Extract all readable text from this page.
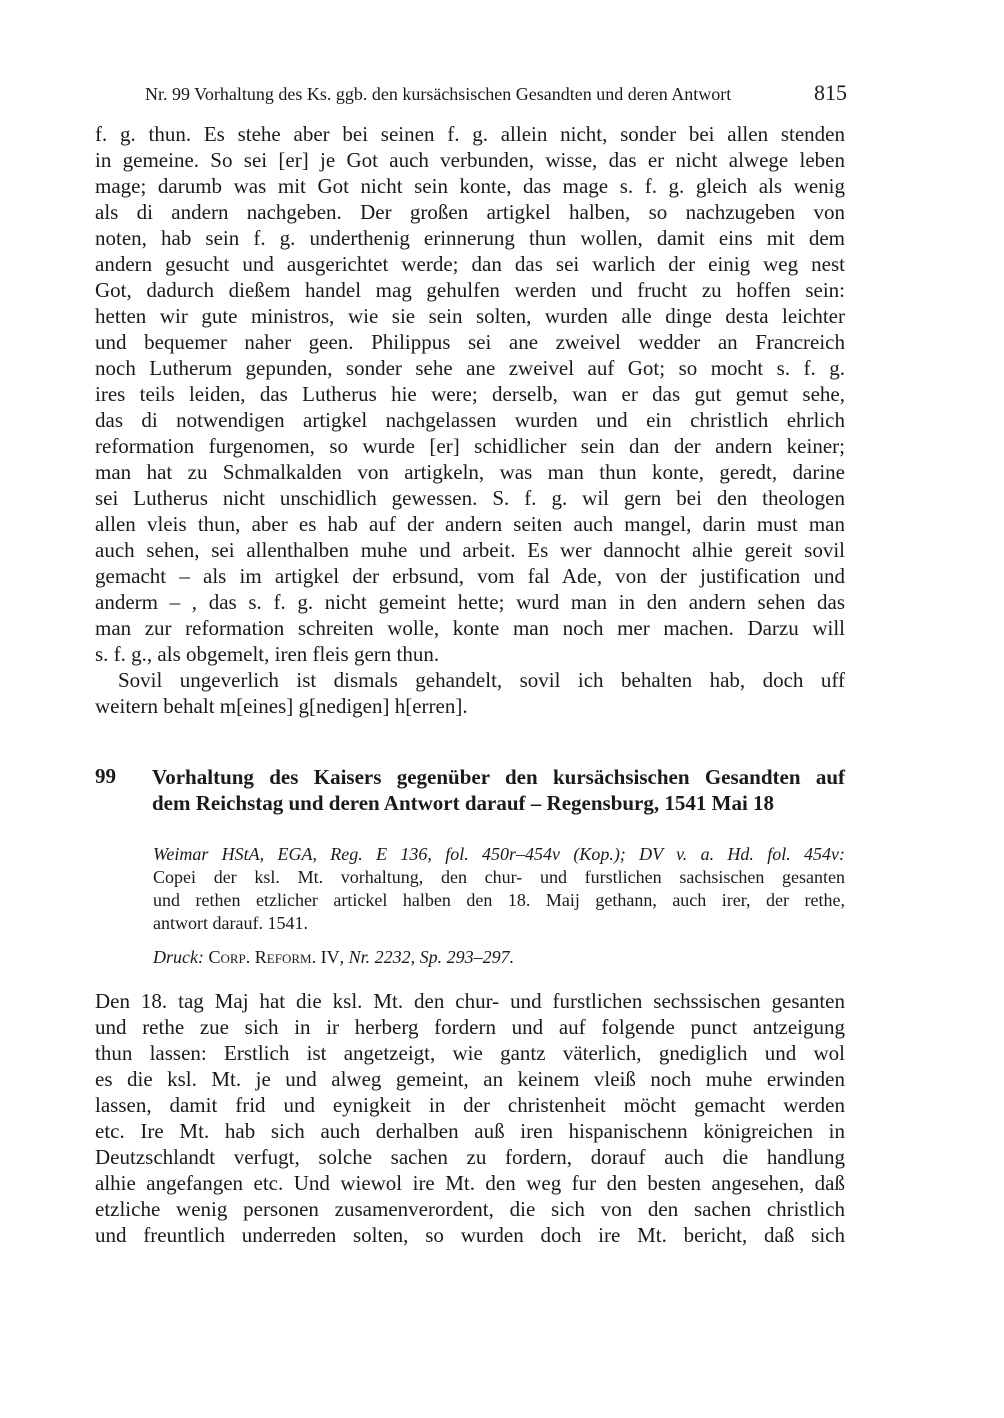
Nr. 99 Vorhaltung des Ks. ggb. den kursächsischen Gesandten und deren Antwort	815
f. g. thun. Es stehe aber bei seinen f. g. allein nicht, sonder bei allen stenden
in gemeine. So sei [er] je Got auch verbunden, wisse, das er nicht alwege leben
mage; darumb was mit Got nicht sein konte, das mage s. f. g. gleich als wenig
als di andern nachgeben. Der großen artigkel halben, so nachzugeben von
noten, hab sein f. g. underthenig erinnerung thun wollen, damit eins mit dem
andern gesucht und ausgerichtet werde; dan das sei warlich der einig weg nest
Got, dadurch dießem handel mag gehulfen werden und frucht zu hoffen sein:
hetten wir gute ministros, wie sie sein solten, wurden alle dinge desta leichter
und bequemer naher geen. Philippus sei ane zweivel wedder an Francreich
noch Lutherum gepunden, sonder sehe ane zweivel auf Got; so mocht s. f. g.
ires teils leiden, das Lutherus hie were; derselb, wan er das gut gemut sehe,
das di notwendigen artigkel nachgelassen wurden und ein christlich ehrlich
reformation furgenomen, so wurde [er] schidlicher sein dan der andern keiner;
man hat zu Schmalkalden von artigkeln, was man thun konte, geredt, darine
sei Lutherus nicht unschidlich gewessen. S. f. g. wil gern bei den theologen
allen vleis thun, aber es hab auf der andern seiten auch mangel, darin must man
auch sehen, sei allenthalben muhe und arbeit. Es wer dannocht alhie gereit sovil
gemacht – als im artigkel der erbsund, vom fal Ade, von der justification und
anderm – , das s. f. g. nicht gemeint hette; wurd man in den andern sehen das
man zur reformation schreiten wolle, konte man noch mer machen. Darzu will
s. f. g., als obgemelt, iren fleis gern thun.
Sovil ungeverlich ist dismals gehandelt, sovil ich behalten hab, doch uff
weitern behalt m[eines] g[nedigen] h[erren].
99	Vorhaltung des Kaisers gegenüber den kursächsischen Gesandten auf
dem Reichstag und deren Antwort darauf – Regensburg, 1541 Mai 18
Weimar HStA, EGA, Reg. E 136, fol. 450r–454v (Kop.); DV v. a. Hd. fol. 454v:
Copei der ksl. Mt. vorhaltung, den chur- und furstlichen sachsischen gesanten
und rethen etzlicher artickel halben den 18. Maij gethann, auch irer, der rethe,
antwort darauf. 1541.
Druck: Corp. Reform. IV, Nr. 2232, Sp. 293–297.
Den 18. tag Maj hat die ksl. Mt. den chur- und furstlichen sechssischen gesanten
und rethe zue sich in ir herberg fordern und auf folgende punct antzeigung
thun lassen: Erstlich ist angetzeigt, wie gantz väterlich, gnediglich und wol
es die ksl. Mt. je und alweg gemeint, an keinem vleiß noch muhe erwinden
lassen, damit frid und eynigkeit in der christenheit möcht gemacht werden
etc. Ire Mt. hab sich auch derhalben auß iren hispanischenn königreichen in
Deutzschlandt verfugt, solche sachen zu fordern, dorauf auch die handlung
alhie angefangen etc. Und wiewol ire Mt. den weg fur den besten angesehen, daß
etzliche wenig personen zusamenverordent, die sich von den sachen christlich
und freuntlich underreden solten, so wurden doch ire Mt. bericht, daß sich
